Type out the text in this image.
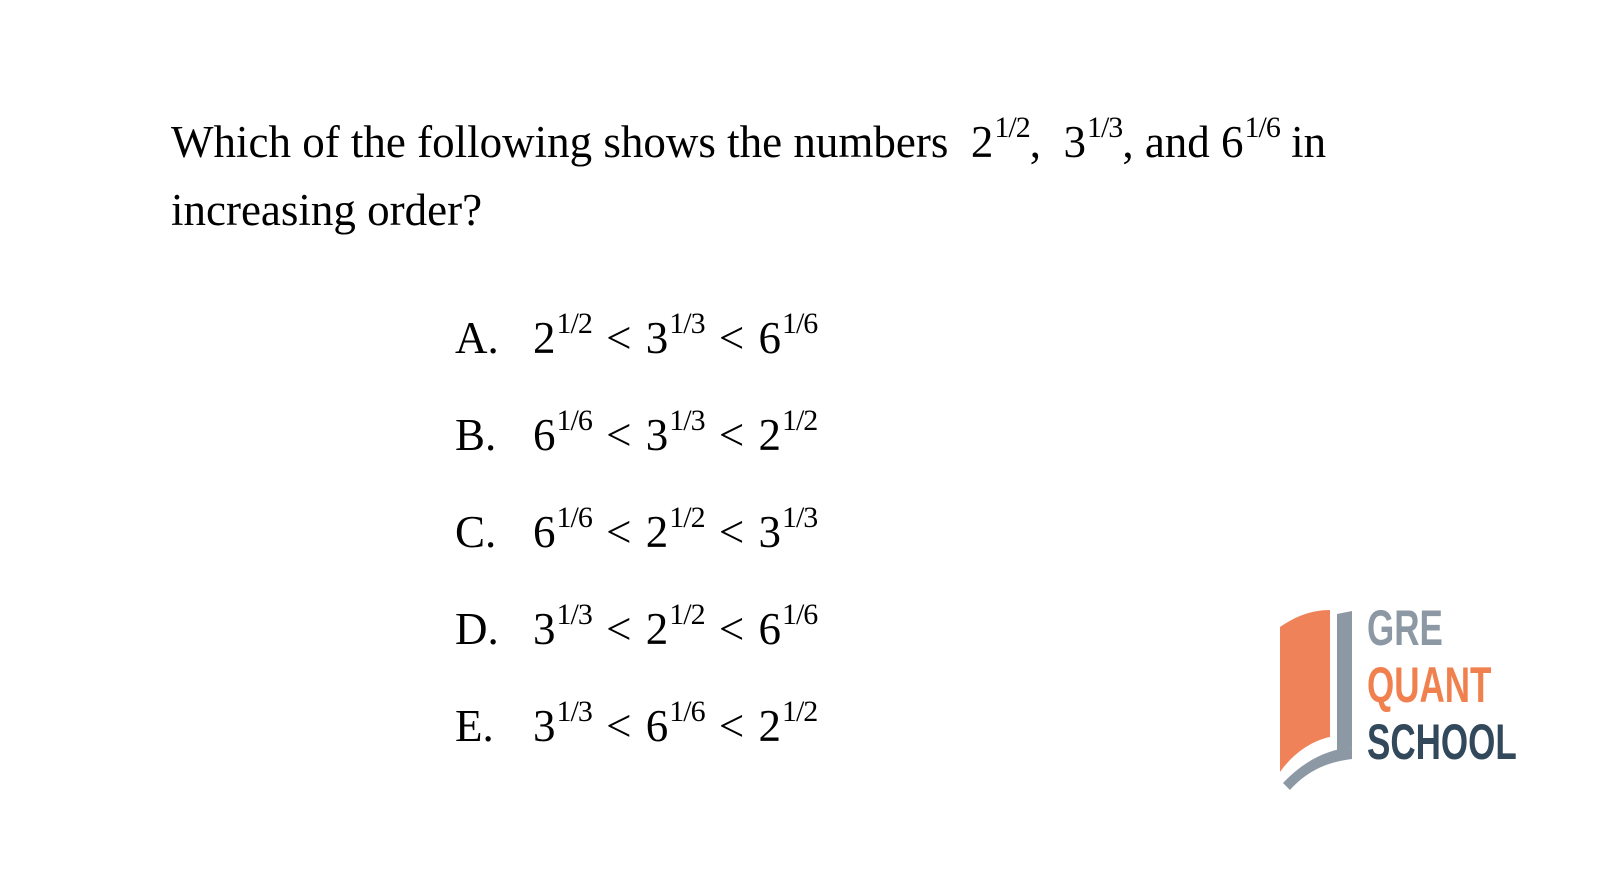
Which of the following shows the numbers  $2^{1/2}$,  $3^{1/3}$, and $6^{1/6}$ in
increasing order?
A. $2^{1/2} < 3^{1/3} < 6^{1/6}$
B. $6^{1/6} < 3^{1/3} < 2^{1/2}$
C. $6^{1/6} < 2^{1/2} < 3^{1/3}$
D. $3^{1/3} < 2^{1/2} < 6^{1/6}$
E. $3^{1/3} < 6^{1/6} < 2^{1/2}$
GRE
QUANT
SCHOOL
